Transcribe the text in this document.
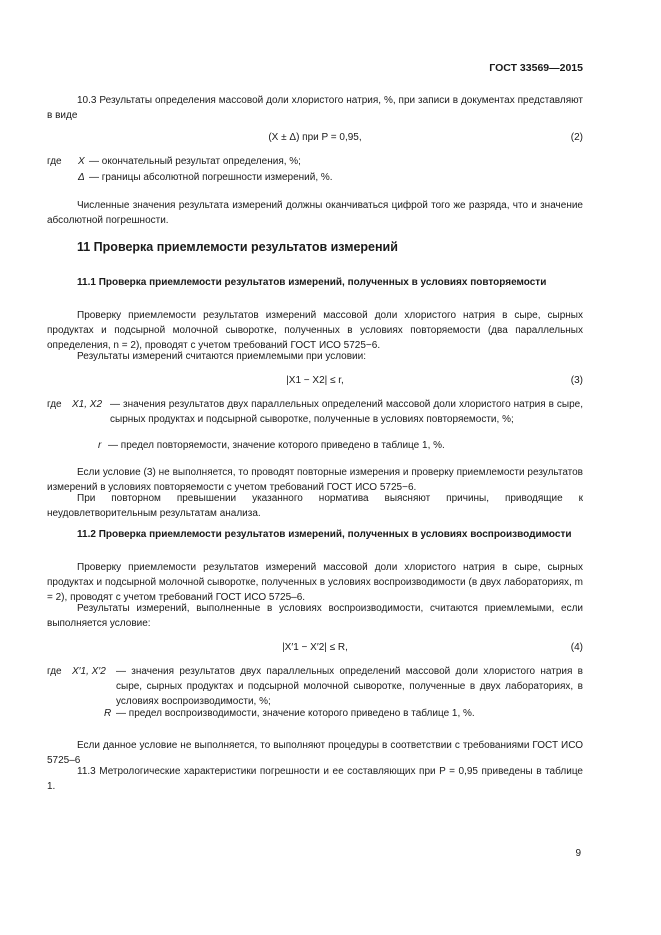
ГОСТ 33569—2015

10.3 Результаты определения массовой доли хлористого натрия, %, при записи в документах представляют в виде

(X ± Δ) при P = 0,95,	(2)
где X — окончательный результат определения, %;
Δ — границы абсолютной погрешности измерений, %.

Численные значения результата измерений должны оканчиваться цифрой того же разряда, что и значение абсолютной погрешности.

11 Проверка приемлемости результатов измерений
11.1 Проверка приемлемости результатов измерений, полученных в условиях повторяемости

Проверку приемлемости результатов измерений массовой доли хлористого натрия в сыре, сырных продуктах и подсырной молочной сыворотке, полученных в условиях повторяемости (два параллельных определения, n = 2), проводят с учетом требований ГОСТ ИСО 5725−6.

Результаты измерений считаются приемлемыми при условии:

|X1 − X2| ≤ r,	(3)
где X1, X2 — значения результатов двух параллельных определений массовой доли хлористого натрия в сыре, сырных продуктах и подсырной сыворотке, полученные в условиях повторяемости, %;
r — предел повторяемости, значение которого приведено в таблице 1, %.

Если условие (3) не выполняется, то проводят повторные измерения и проверку приемлемости результатов измерений в условиях повторяемости с учетом требований ГОСТ ИСО 5725−6.

При повторном превышении указанного норматива выясняют причины, приводящие к неудовлетворительным результатам анализа.

11.2 Проверка приемлемости результатов измерений, полученных в условиях воспроизводимости

Проверку приемлемости результатов измерений массовой доли хлористого натрия в сыре, сырных продуктах и подсырной молочной сыворотке, полученных в условиях воспроизводимости (в двух лабораториях, m = 2), проводят с учетом требований ГОСТ ИСО 5725–6.

Результаты измерений, выполненные в условиях воспроизводимости, считаются приемлемыми, если выполняется условие:

|X′1 − X′2| ≤ R,	(4)
где X′1, X′2 — значения результатов двух параллельных определений массовой доли хлористого натрия в сыре, сырных продуктах и подсырной молочной сыворотке, полученные в двух лабораториях, в условиях воспроизводимости, %;
R — предел воспроизводимости, значение которого приведено в таблице 1, %.

Если данное условие не выполняется, то выполняют процедуры в соответствии с требованиями ГОСТ ИСО 5725–6

11.3 Метрологические характеристики погрешности и ее составляющих при P = 0,95 приведены в таблице 1.

9
